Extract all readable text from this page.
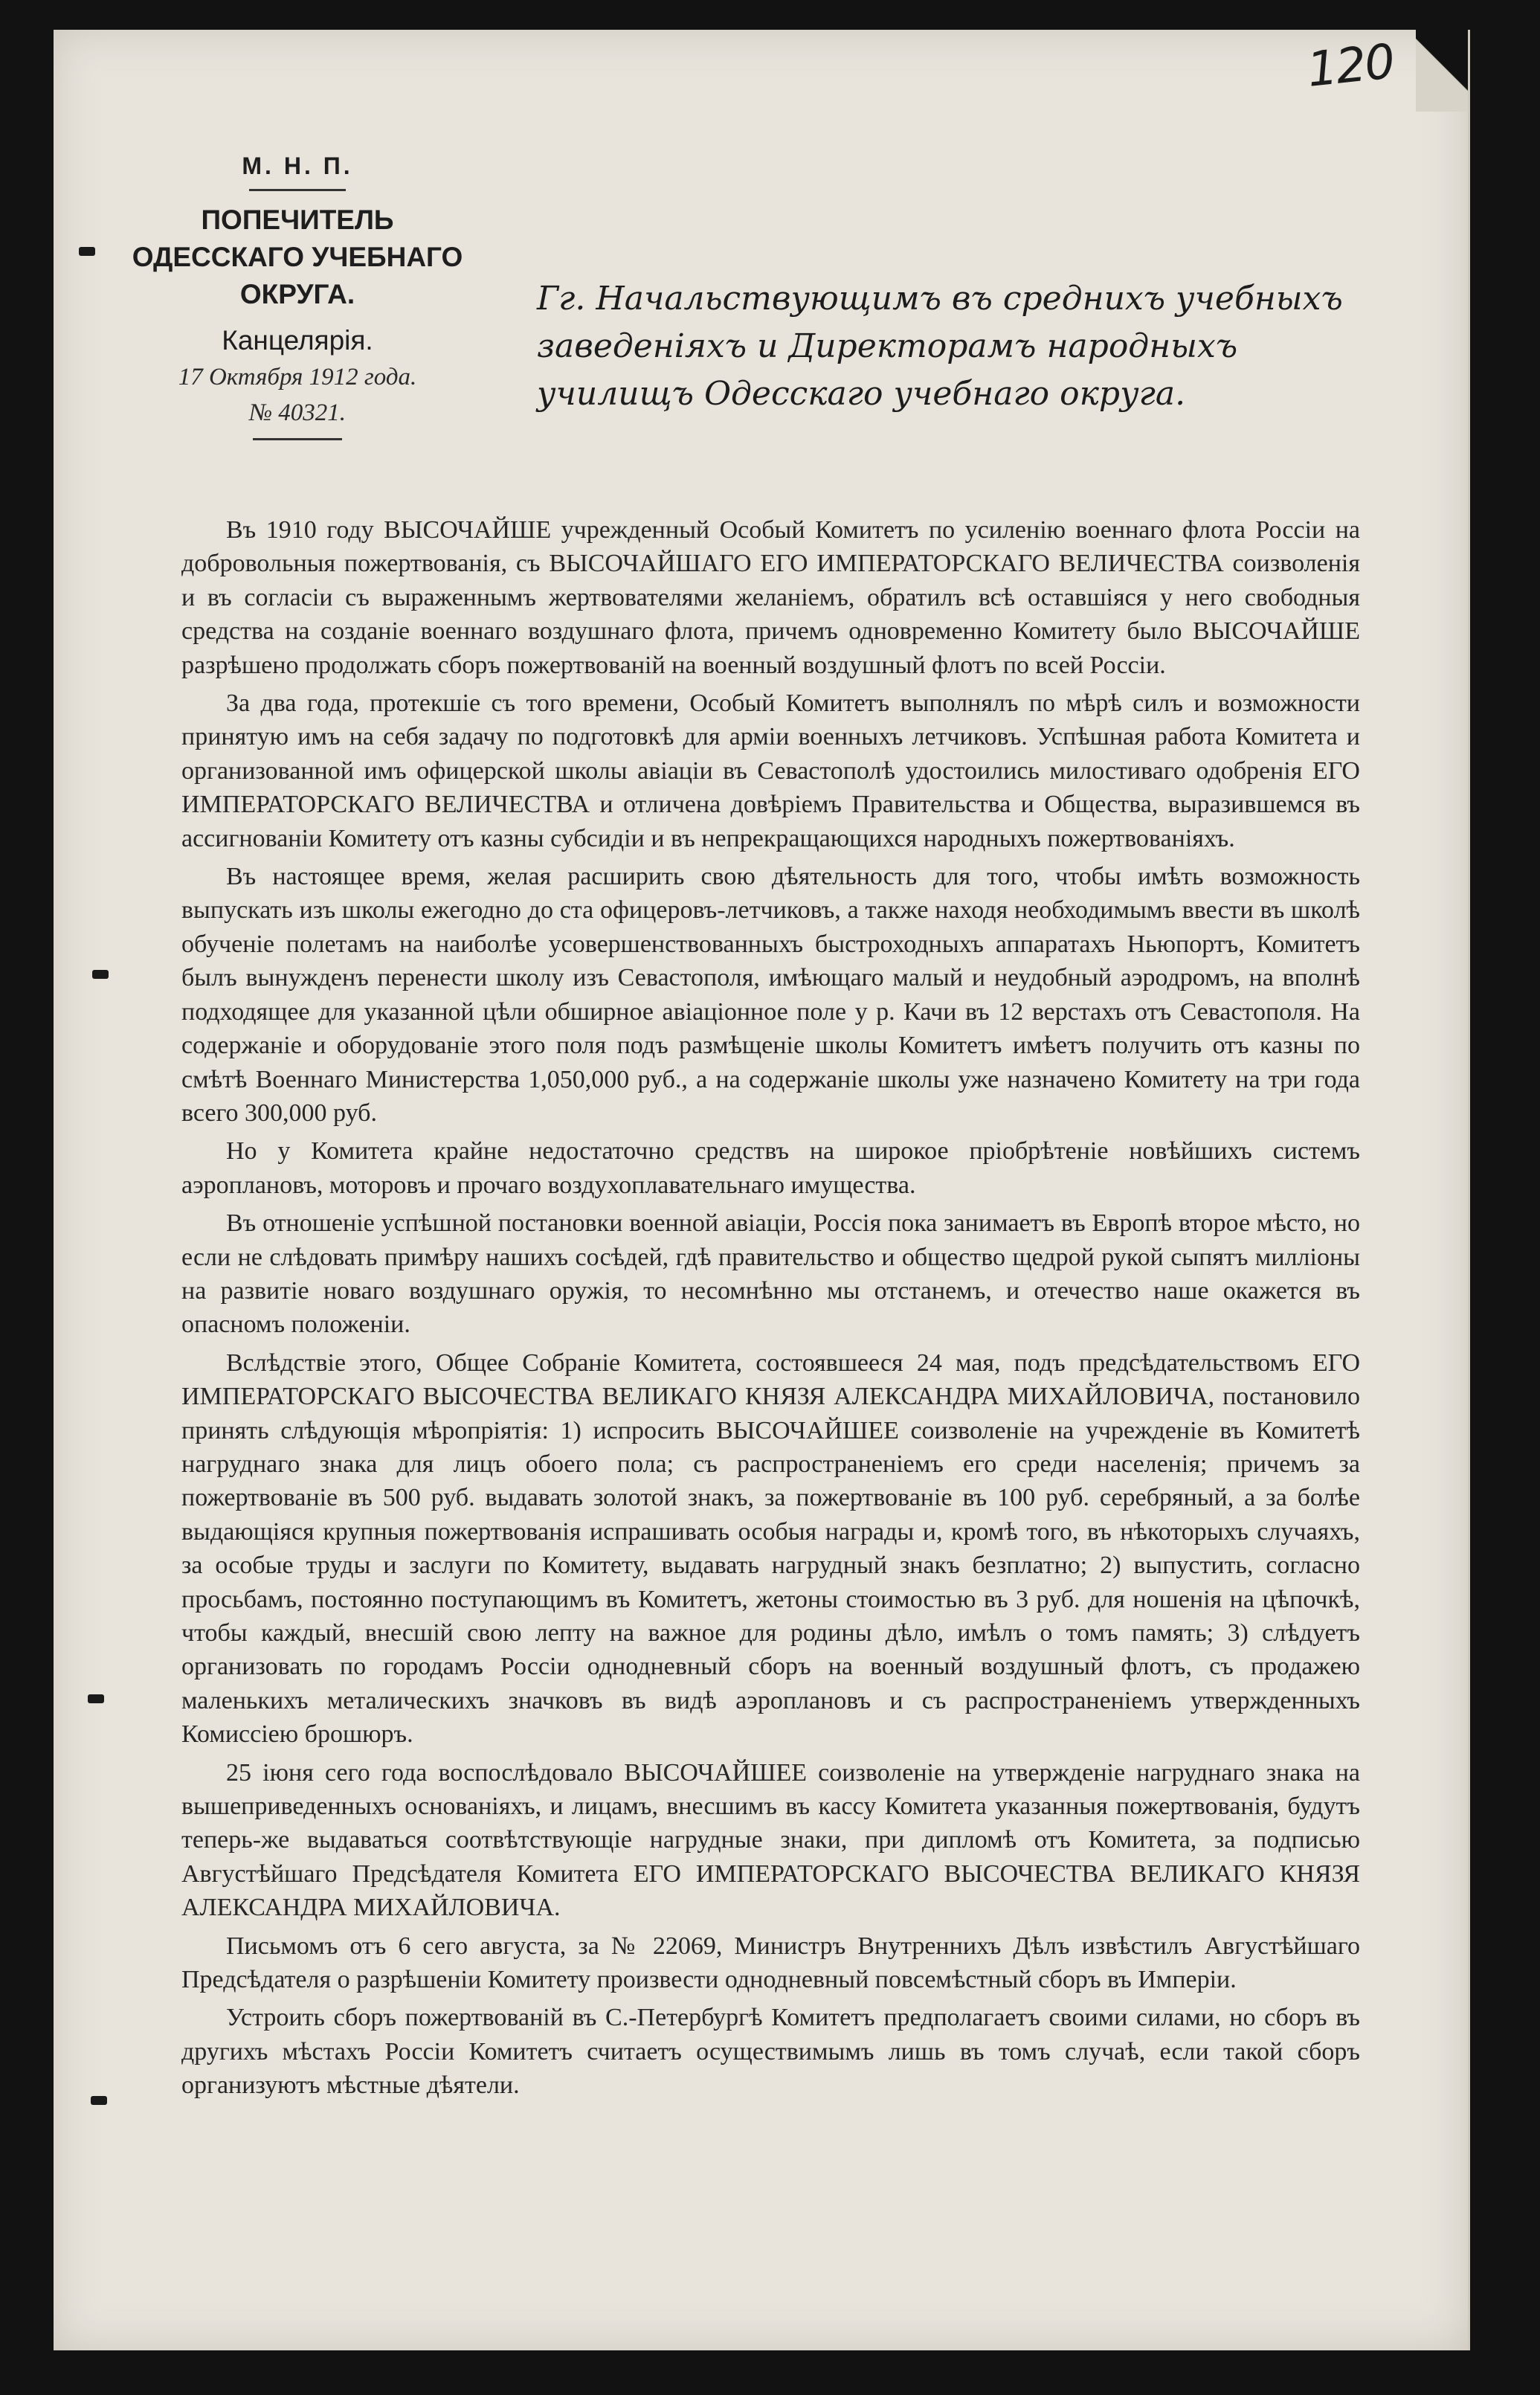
120
М. Н. П.
ПОПЕЧИТЕЛЬ
ОДЕССКАГО УЧЕБНАГО
ОКРУГА.
Канцелярія.
17 Октября 1912 года.
№ 40321.
Гг. Начальствующимъ въ среднихъ учебныхъ заведеніяхъ и Директорамъ народныхъ училищъ Одесскаго учебнаго округа.

Въ 1910 году ВЫСОЧАЙШЕ учрежденный Особый Комитетъ по усиленію военнаго флота Россіи на добровольныя пожертвованія, съ ВЫСОЧАЙШАГО ЕГО ИМПЕРАТОРСКАГО ВЕЛИЧЕСТВА соизволенія и въ согласіи съ выраженнымъ жертвователями желаніемъ, обратилъ всѣ оставшіяся у него свободныя средства на созданіе военнаго воздушнаго флота, причемъ одновременно Комитету было ВЫСОЧАЙШЕ разрѣшено продолжать сборъ пожертвованій на военный воздушный флотъ по всей Россіи.

За два года, протекшіе съ того времени, Особый Комитетъ выполнялъ по мѣрѣ силъ и возможности принятую имъ на себя задачу по подготовкѣ для арміи военныхъ летчиковъ. Успѣшная работа Комитета и организованной имъ офицерской школы авіаціи въ Севастополѣ удостоились милостиваго одобренія ЕГО ИМПЕРАТОРСКАГО ВЕЛИЧЕСТВА и отличена довѣріемъ Правительства и Общества, выразившемся въ ассигнованіи Комитету отъ казны субсидіи и въ непрекращающихся народныхъ пожертвованіяхъ.

Въ настоящее время, желая расширить свою дѣятельность для того, чтобы имѣть возможность выпускать изъ школы ежегодно до ста офицеровъ-летчиковъ, а также находя необходимымъ ввести въ школѣ обученіе полетамъ на наиболѣе усовершенствованныхъ быстроходныхъ аппаратахъ Ньюпортъ, Комитетъ былъ вынужденъ перенести школу изъ Севастополя, имѣющаго малый и неудобный аэродромъ, на вполнѣ подходящее для указанной цѣли обширное авіаціонное поле у р. Качи въ 12 верстахъ отъ Севастополя. На содержаніе и оборудованіе этого поля подъ размѣщеніе школы Комитетъ имѣетъ получить отъ казны по смѣтѣ Военнаго Министерства 1,050,000 руб., а на содержаніе школы уже назначено Комитету на три года всего 300,000 руб.

Но у Комитета крайне недостаточно средствъ на широкое пріобрѣтеніе новѣйшихъ системъ аэроплановъ, моторовъ и прочаго воздухоплавательнаго имущества.

Въ отношеніе успѣшной постановки военной авіаціи, Россія пока занимаетъ въ Европѣ второе мѣсто, но если не слѣдовать примѣру нашихъ сосѣдей, гдѣ правительство и общество щедрой рукой сыпятъ милліоны на развитіе новаго воздушнаго оружія, то несомнѣнно мы отстанемъ, и отечество наше окажется въ опасномъ положеніи.

Вслѣдствіе этого, Общее Собраніе Комитета, состоявшееся 24 мая, подъ предсѣдательствомъ ЕГО ИМПЕРАТОРСКАГО ВЫСОЧЕСТВА ВЕЛИКАГО КНЯЗЯ АЛЕКСАНДРА МИХАЙЛОВИЧА, постановило принять слѣдующія мѣропріятія: 1) испросить ВЫСОЧАЙШЕЕ соизволеніе на учрежденіе въ Комитетѣ нагруднаго знака для лицъ обоего пола; съ распространеніемъ его среди населенія; причемъ за пожертвованіе въ 500 руб. выдавать золотой знакъ, за пожертвованіе въ 100 руб. серебряный, а за болѣе выдающіяся крупныя пожертвованія испрашивать особыя награды и, кромѣ того, въ нѣкоторыхъ случаяхъ, за особые труды и заслуги по Комитету, выдавать нагрудный знакъ безплатно; 2) выпустить, согласно просьбамъ, постоянно поступающимъ въ Комитетъ, жетоны стоимостью въ 3 руб. для ношенія на цѣпочкѣ, чтобы каждый, внесшій свою лепту на важное для родины дѣло, имѣлъ о томъ память; 3) слѣдуетъ организовать по городамъ Россіи однодневный сборъ на военный воздушный флотъ, съ продажею маленькихъ металическихъ значковъ въ видѣ аэроплановъ и съ распространеніемъ утвержденныхъ Комиссіею брошюръ.

25 іюня сего года воспослѣдовало ВЫСОЧАЙШЕЕ соизволеніе на утвержденіе нагруднаго знака на вышеприведенныхъ основаніяхъ, и лицамъ, внесшимъ въ кассу Комитета указанныя пожертвованія, будутъ теперь-же выдаваться соотвѣтствующіе нагрудные знаки, при дипломѣ отъ Комитета, за подписью Августѣйшаго Предсѣдателя Комитета ЕГО ИМПЕРАТОРСКАГО ВЫСОЧЕСТВА ВЕЛИКАГО КНЯЗЯ АЛЕКСАНДРА МИХАЙЛОВИЧА.

Письмомъ отъ 6 сего августа, за № 22069, Министръ Внутреннихъ Дѣлъ извѣстилъ Августѣйшаго Предсѣдателя о разрѣшеніи Комитету произвести однодневный повсемѣстный сборъ въ Имперіи.

Устроить сборъ пожертвованій въ С.-Петербургѣ Комитетъ предполагаетъ своими силами, но сборъ въ другихъ мѣстахъ Россіи Комитетъ считаетъ осуществимымъ лишь въ томъ случаѣ, если такой сборъ организуютъ мѣстные дѣятели.
